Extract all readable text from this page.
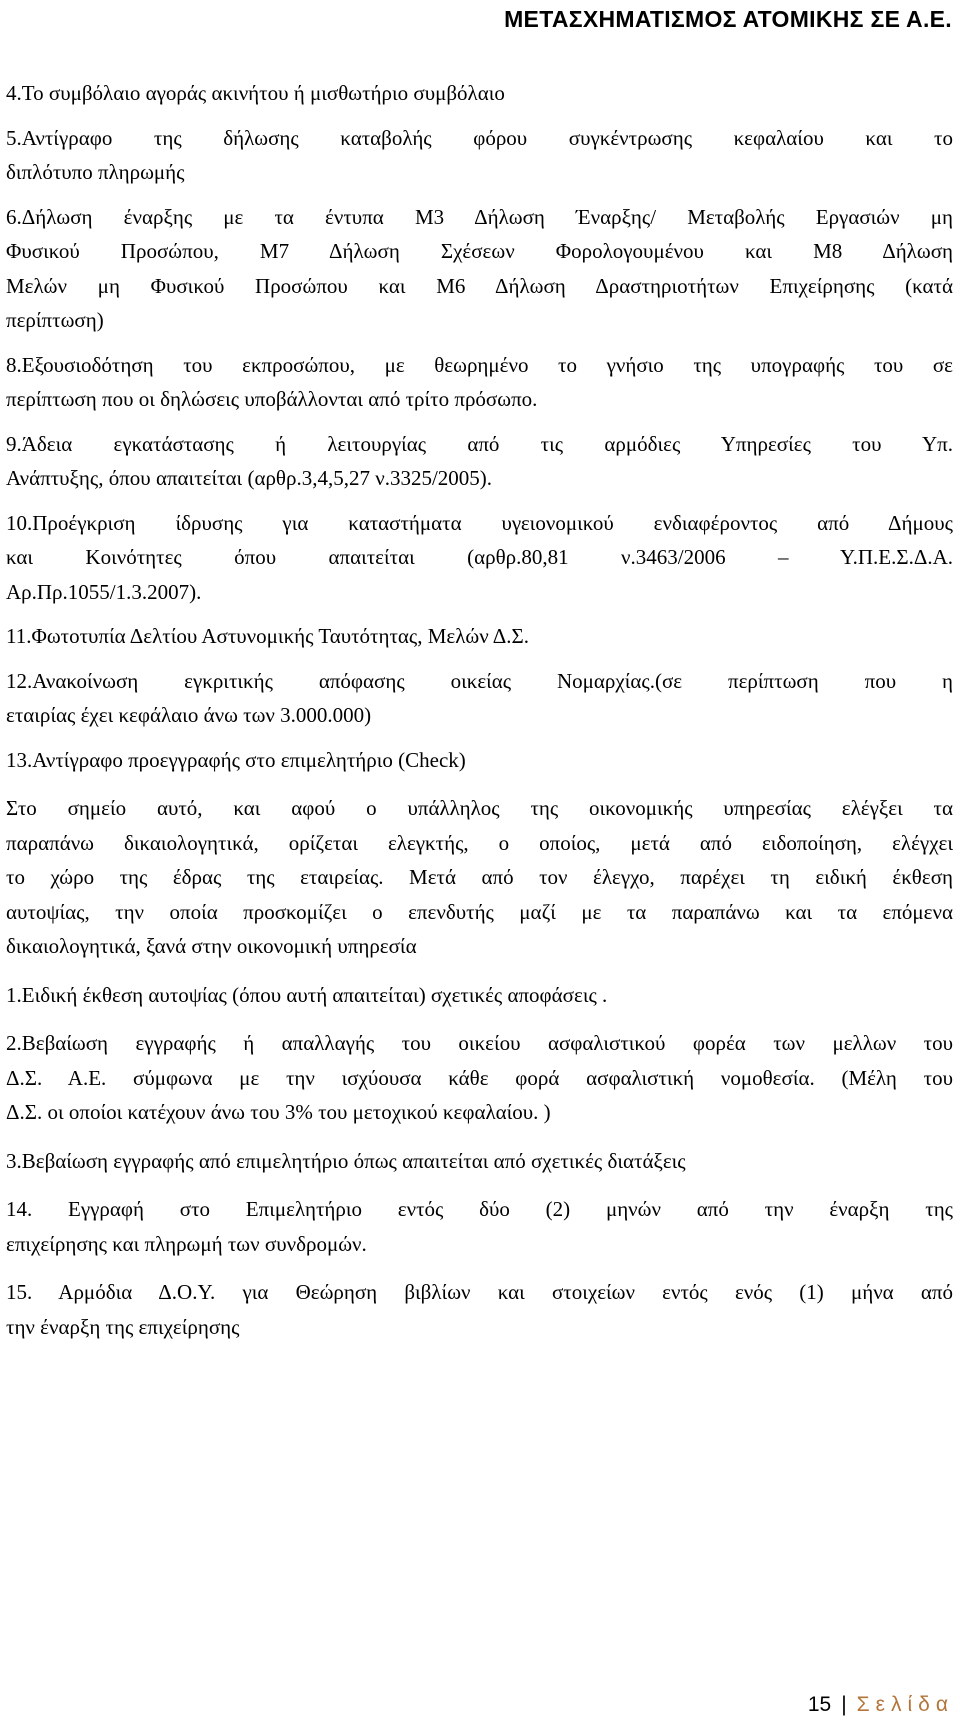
ΜΕΤΑΣΧΗΜΑΤΙΣΜΟΣ ΑΤΟΜΙΚΗΣ ΣΕ Α.Ε.

4.Το συμβόλαιο αγοράς ακινήτου ή μισθωτήριο συμβόλαιο

5.Αντίγραφο της δήλωσης καταβολής φόρου συγκέντρωσης κεφαλαίου και το
διπλότυπο πληρωμής

6.Δήλωση έναρξης με τα έντυπα Μ3 Δήλωση Έναρξης/ Μεταβολής Εργασιών μη
Φυσικού Προσώπου, Μ7 Δήλωση Σχέσεων Φορολογουμένου και Μ8 Δήλωση
Μελών μη Φυσικού Προσώπου και Μ6 Δήλωση Δραστηριοτήτων Επιχείρησης (κατά
περίπτωση)

8.Εξουσιοδότηση του εκπροσώπου, με θεωρημένο το γνήσιο της υπογραφής του σε
περίπτωση που οι δηλώσεις υποβάλλονται από τρίτο πρόσωπο.

9.Άδεια εγκατάστασης ή λειτουργίας από τις αρμόδιες Υπηρεσίες του Υπ.
Ανάπτυξης, όπου απαιτείται (αρθρ.3,4,5,27 ν.3325/2005).

10.Προέγκριση ίδρυσης για καταστήματα υγειονομικού ενδιαφέροντος από Δήμους
και Κοινότητες όπου απαιτείται (αρθρ.80,81 ν.3463/2006 – Υ.Π.Ε.Σ.Δ.Α.
Αρ.Πρ.1055/1.3.2007).

11.Φωτοτυπία Δελτίου Αστυνομικής Ταυτότητας, Μελών Δ.Σ.

12.Ανακοίνωση εγκριτικής απόφασης οικείας Νομαρχίας.(σε περίπτωση που η
εταιρίας έχει κεφάλαιο άνω των 3.000.000)

13.Αντίγραφο προεγγραφής στο επιμελητήριο (Check)

Στο σημείο αυτό, και αφού ο υπάλληλος της οικονομικής υπηρεσίας ελέγξει τα
παραπάνω δικαιολογητικά, ορίζεται ελεγκτής, ο οποίος, μετά από ειδοποίηση, ελέγχει
το χώρο της έδρας της εταιρείας. Μετά από τον έλεγχο, παρέχει τη ειδική έκθεση
αυτοψίας, την οποία προσκομίζει ο επενδυτής μαζί με τα παραπάνω και τα επόμενα
δικαιολογητικά, ξανά στην οικονομική υπηρεσία

1.Ειδική έκθεση αυτοψίας (όπου αυτή απαιτείται) σχετικές αποφάσεις .

2.Βεβαίωση εγγραφής ή απαλλαγής του οικείου ασφαλιστικού φορέα των μελλων του
Δ.Σ. Α.Ε. σύμφωνα με την ισχύουσα κάθε φορά ασφαλιστική νομοθεσία. (Μέλη του
Δ.Σ. οι οποίοι κατέχουν άνω του 3% του μετοχικού κεφαλαίου. )

3.Βεβαίωση εγγραφής από επιμελητήριο όπως απαιτείται από σχετικές διατάξεις

14. Εγγραφή στο Επιμελητήριο εντός δύο (2) μηνών από την έναρξη της
επιχείρησης και πληρωμή των συνδρομών.

15. Αρμόδια Δ.Ο.Υ. για Θεώρηση βιβλίων και στοιχείων εντός ενός (1) μήνα από
την έναρξη της επιχείρησης

15 | Σελίδα
